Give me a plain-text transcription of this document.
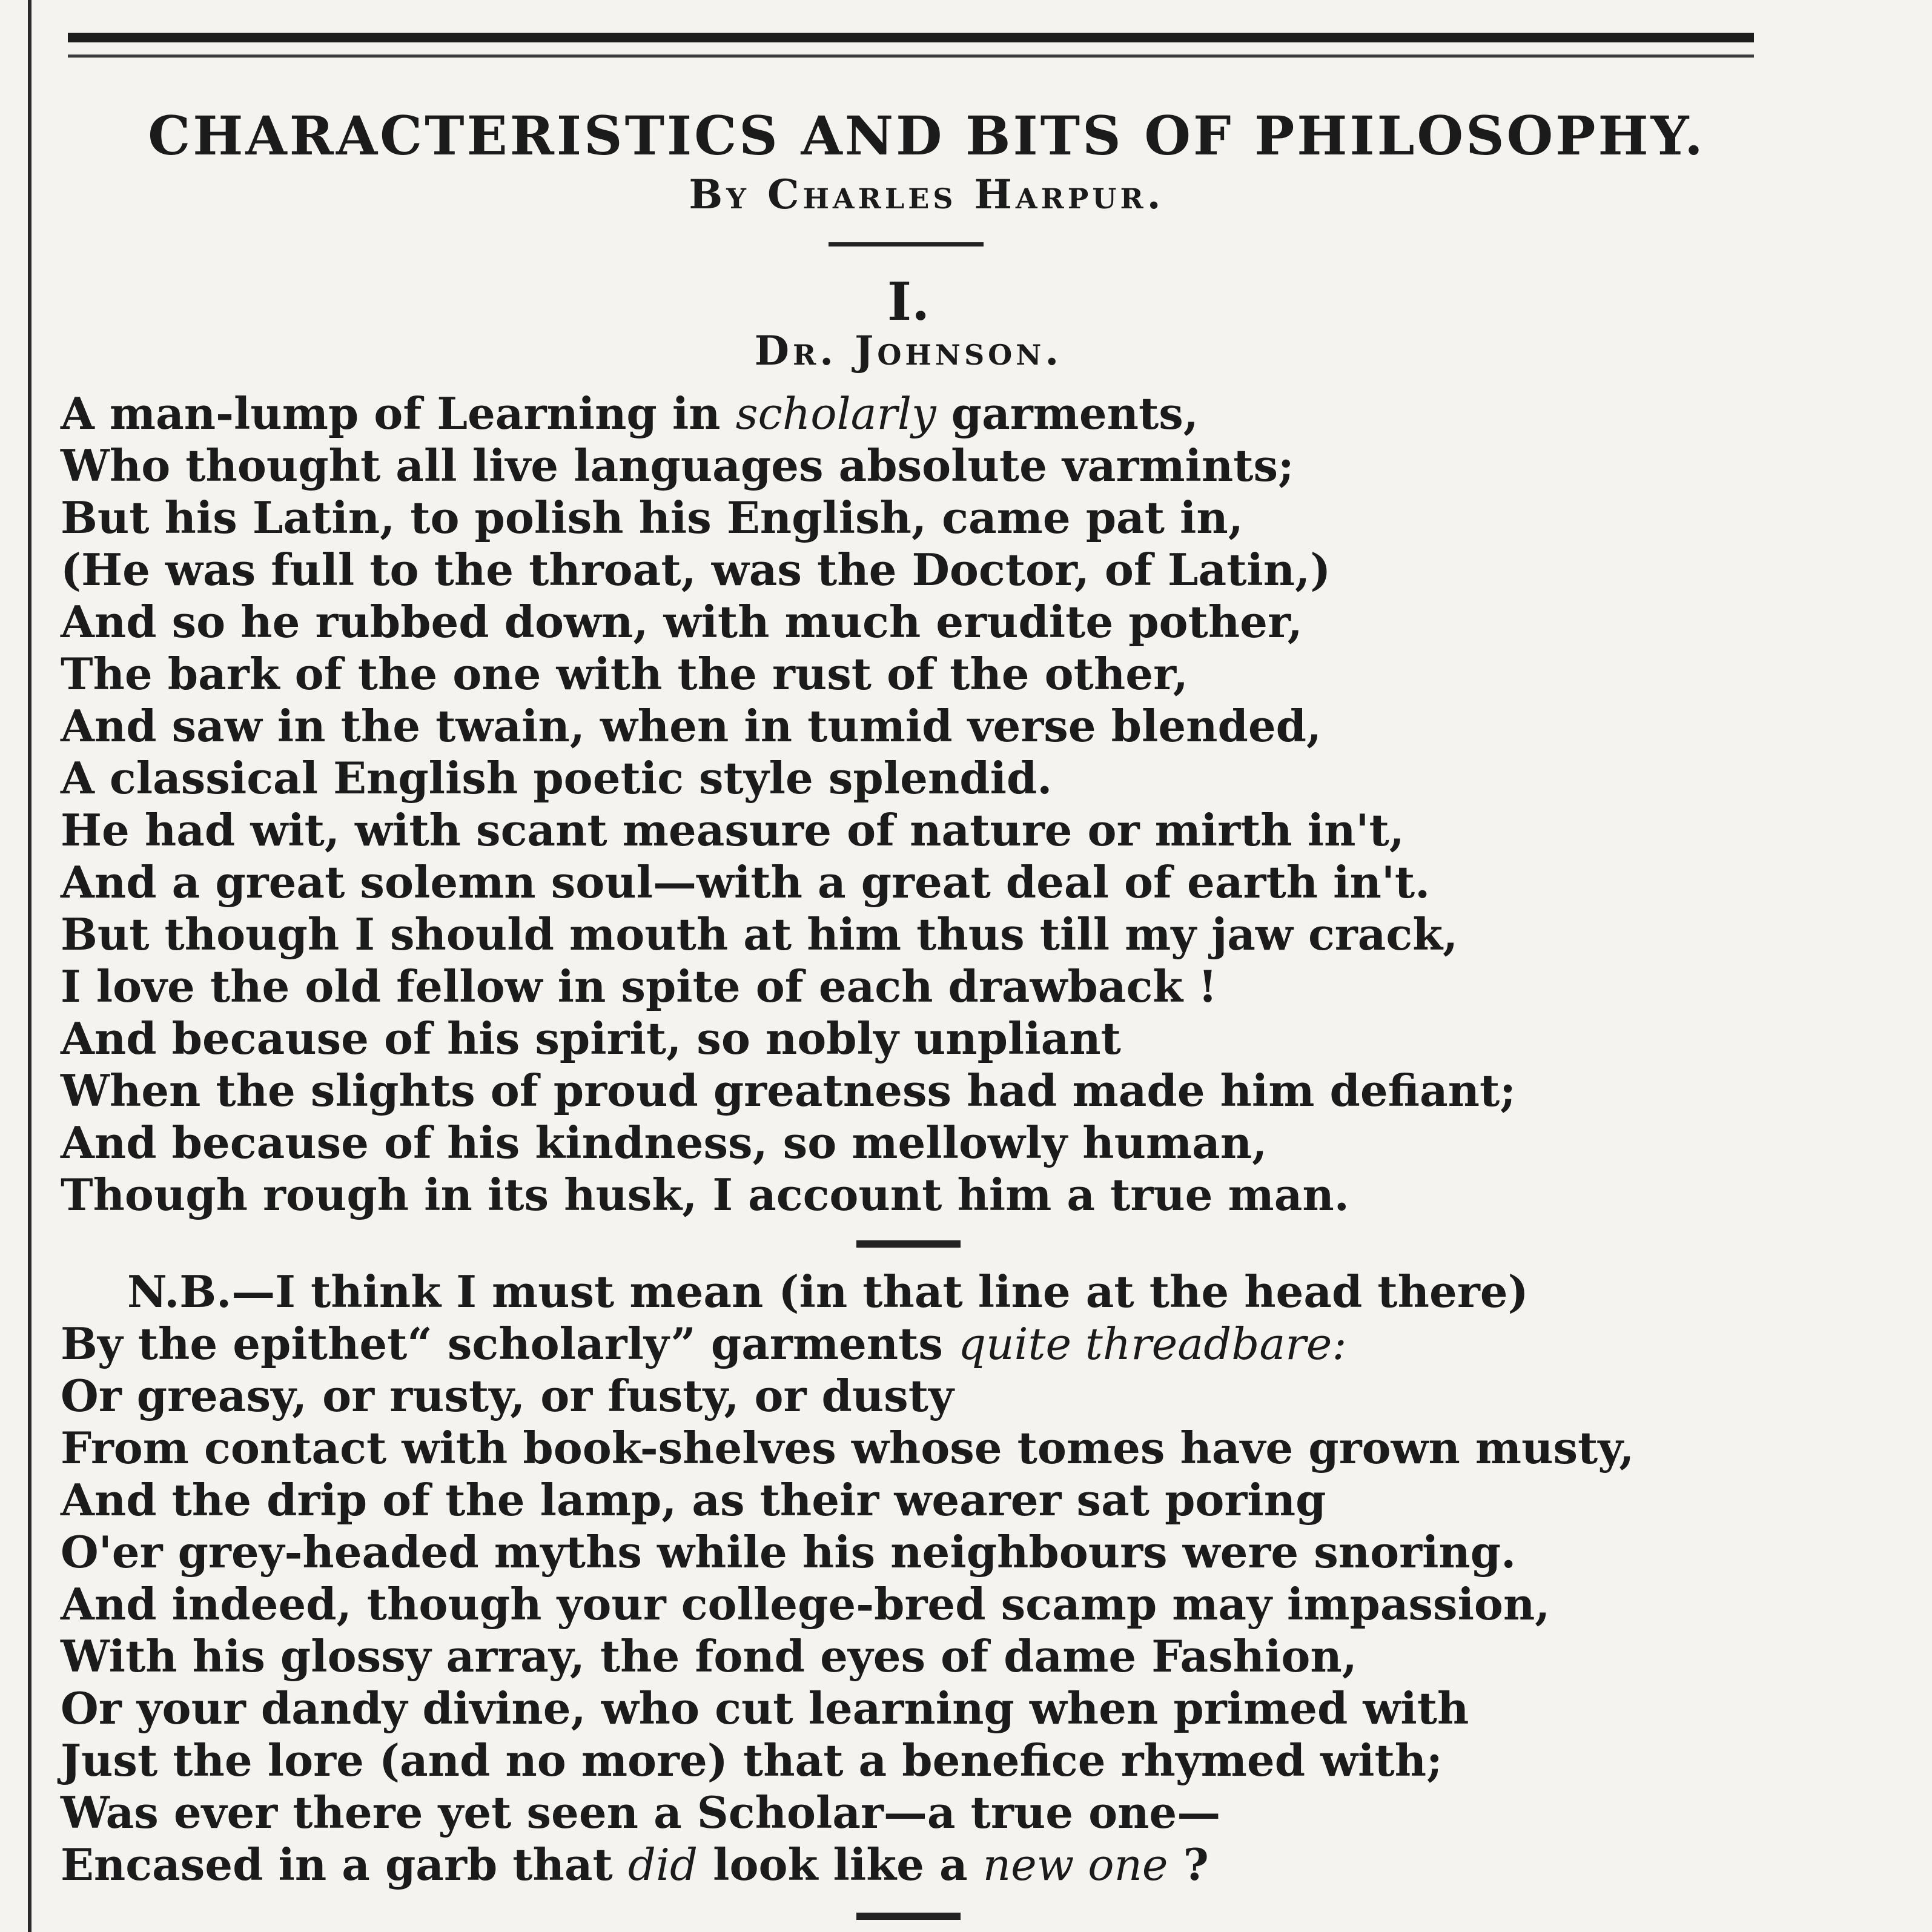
CHARACTERISTICS AND BITS OF PHILOSOPHY.
By Charles Harpur.
I.
Dr. Johnson.
A man-lump of Learning in scholarly garments,
Who thought all live languages absolute varmints;
But his Latin, to polish his English, came pat in,
(He was full to the throat, was the Doctor, of Latin,)
And so he rubbed down, with much erudite pother,
The bark of the one with the rust of the other,
And saw in the twain, when in tumid verse blended,
A classical English poetic style splendid.
He had wit, with scant measure of nature or mirth in't,
And a great solemn soul—with a great deal of earth in't.
But though I should mouth at him thus till my jaw crack,
I love the old fellow in spite of each drawback !
And because of his spirit, so nobly unpliant
When the slights of proud greatness had made him defiant;
And because of his kindness, so mellowly human,
Though rough in its husk, I account him a true man.
N.B.—I think I must mean (in that line at the head there)
By the epithet“ scholarly” garments quite threadbare:
Or greasy, or rusty, or fusty, or dusty
From contact with book-shelves whose tomes have grown musty,
And the drip of the lamp, as their wearer sat poring
O'er grey-headed myths while his neighbours were snoring.
And indeed, though your college-bred scamp may impassion,
With his glossy array, the fond eyes of dame Fashion,
Or your dandy divine, who cut learning when primed with
Just the lore (and no more) that a benefice rhymed with;
Was ever there yet seen a Scholar—a true one—
Encased in a garb that did look like a new one ?
